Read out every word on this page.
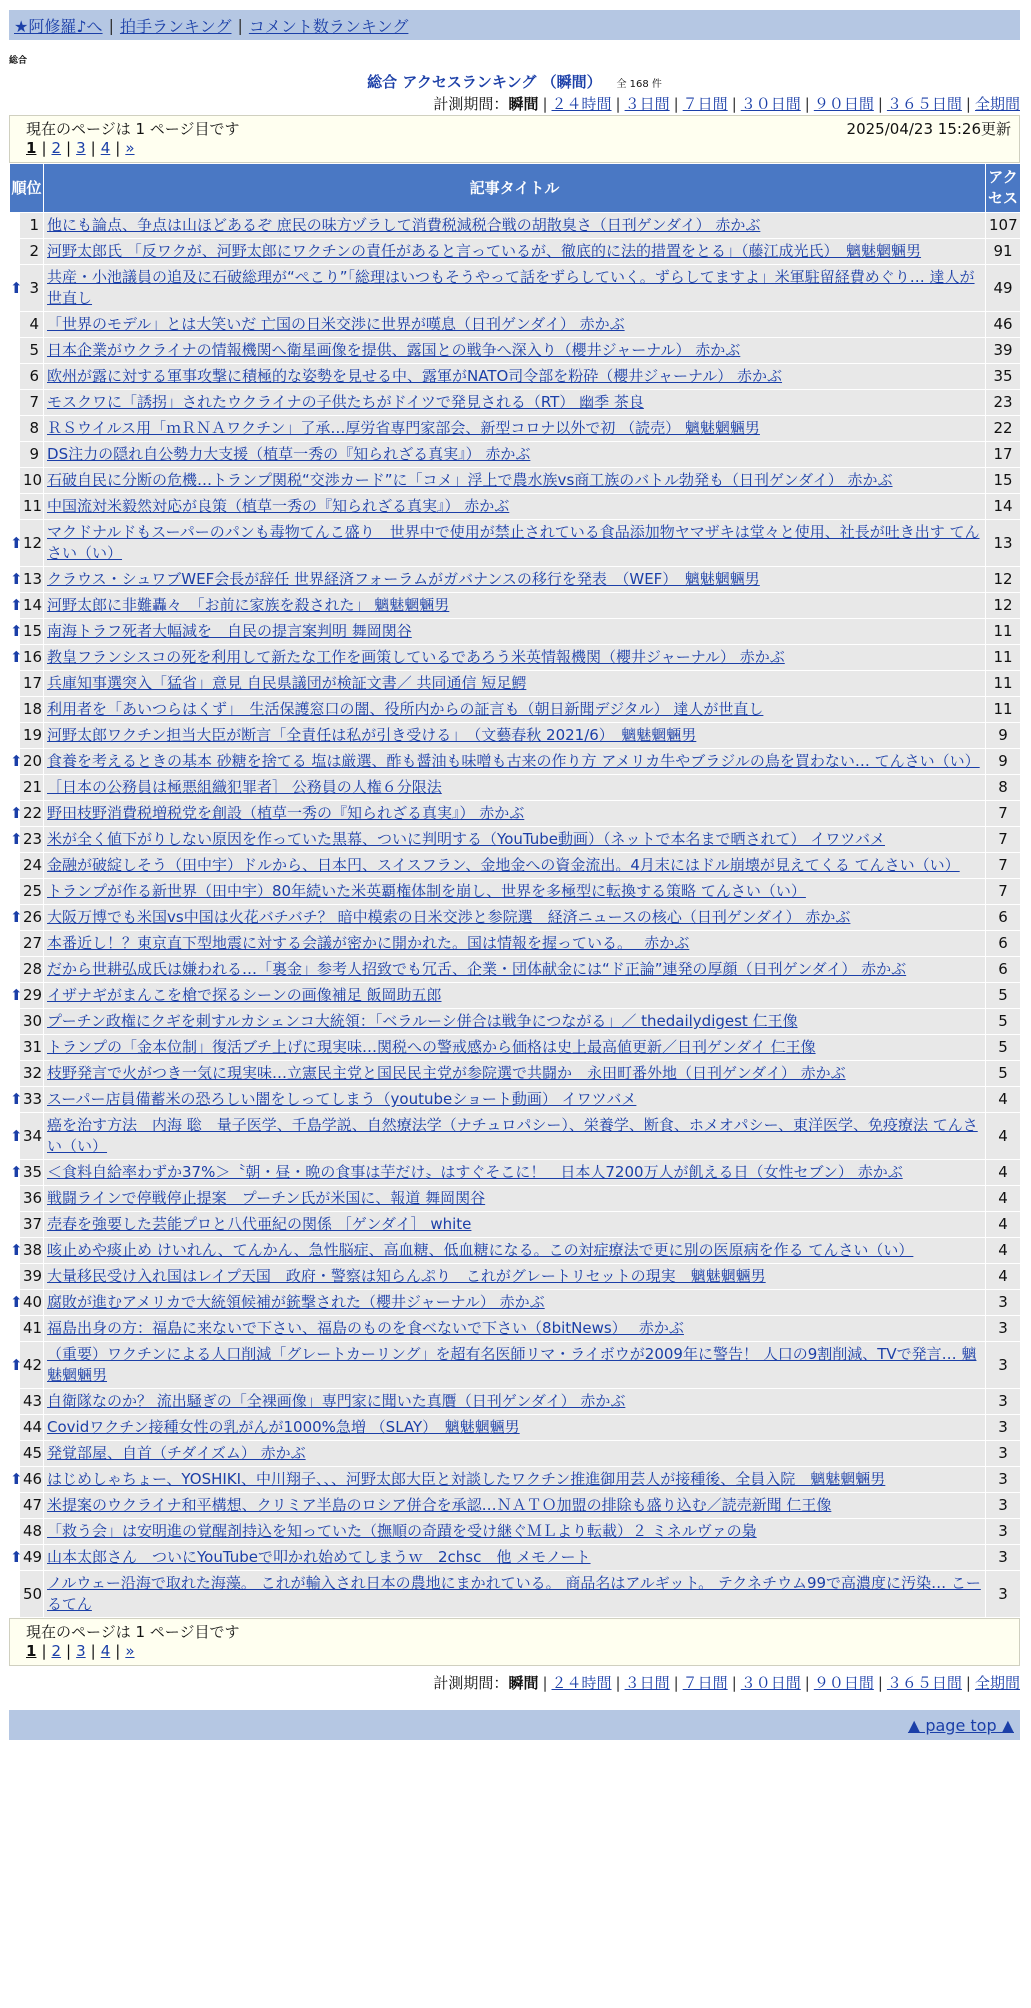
★阿修羅♪へ | 拍手ランキング | コメント数ランキング
総合
総合 アクセスランキング （瞬間） 全 168 件
計測期間：瞬間 | ２４時間 | ３日間 | ７日間 | ３０日間 | ９０日間 | ３６５日間 | 全期間
現在のページは 1 ページ目です	2025/04/23 15:26更新
1 | 2 | 3 | 4 | »
順位		記事タイトル	アクセス
	1	他にも論点、争点は山ほどあるぞ 庶民の味方ヅラして消費税減税合戦の胡散臭さ（日刊ゲンダイ） 赤かぶ	107
	2	河野太郎氏 「反ワクが、河野太郎にワクチンの責任があると言っているが、徹底的に法的措置をとる」（藤江成光氏）　魑魅魍魎男	91
⬆	3	共産・小池議員の追及に石破総理が“ぺこり”「総理はいつもそうやって話をずらしていく。ずらしてますよ」米軍駐留経費めぐり… 達人が世直し	49
	4	「世界のモデル」とは大笑いだ 亡国の日米交渉に世界が嘆息（日刊ゲンダイ） 赤かぶ	46
	5	日本企業がウクライナの情報機関へ衛星画像を提供、露国との戦争へ深入り（櫻井ジャーナル） 赤かぶ	39
	6	欧州が露に対する軍事攻撃に積極的な姿勢を見せる中、露軍がNATO司令部を粉砕（櫻井ジャーナル） 赤かぶ	35
	7	モスクワに「誘拐」されたウクライナの子供たちがドイツで発見される（RT） 幽季 茶良	23
	8	ＲＳウイルス用「ｍＲＮＡワクチン」了承…厚労省専門家部会、新型コロナ以外で初 （読売） 魑魅魍魎男	22
	9	DS注力の隠れ自公勢力大支援（植草一秀の『知られざる真実』） 赤かぶ	17
	10	石破自民に分断の危機…トランプ関税“交渉カード”に「コメ」浮上で農水族vs商工族のバトル勃発も（日刊ゲンダイ） 赤かぶ	15
	11	中国流対米毅然対応が良策（植草一秀の『知られざる真実』） 赤かぶ	14
⬆	12	マクドナルドもスーパーのパンも毒物てんこ盛り　世界中で使用が禁止されている食品添加物ヤマザキは堂々と使用、社長が吐き出す てんさい（い）	13
⬆	13	クラウス・シュワブWEF会長が辞任 世界経済フォーラムがガバナンスの移行を発表　（WEF）　魑魅魍魎男	12
⬆	14	河野太郎に非難轟々　「お前に家族を殺された」 魑魅魍魎男	12
⬆	15	南海トラフ死者大幅減を　自民の提言案判明 舞岡関谷	11
⬆	16	教皇フランシスコの死を利用して新たな工作を画策しているであろう米英情報機関（櫻井ジャーナル） 赤かぶ	11
	17	兵庫知事選突入「猛省」意見 自民県議団が検証文書／ 共同通信 短足鰐	11
	18	利用者を「あいつらはくず」　生活保護窓口の闇、役所内からの証言も（朝日新聞デジタル） 達人が世直し	11
	19	河野太郎ワクチン担当大臣が断言「全責任は私が引き受ける」　（文藝春秋 2021/6）　魑魅魍魎男	9
⬆	20	食養を考えるときの基本 砂糖を捨てる 塩は厳選、酢も醤油も味噌も古来の作り方 アメリカ牛やブラジルの鳥を買わない… てんさい（い）	9
	21	［日本の公務員は極悪組織犯罪者］ 公務員の人権６分限法	8
⬆	22	野田枝野消費税増税党を創設（植草一秀の『知られざる真実』） 赤かぶ	7
⬆	23	米が全く値下がりしない原因を作っていた黒幕、ついに判明する（YouTube動画）（ネットで本名まで晒されて） イワツバメ	7
	24	金融が破綻しそう（田中宇）ドルから、日本円、スイスフラン、金地金への資金流出。4月末にはドル崩壊が見えてくる てんさい（い）	7
	25	トランプが作る新世界（田中宇）80年続いた米英覇権体制を崩し、世界を多極型に転換する策略 てんさい（い）	7
⬆	26	大阪万博でも米国vs中国は火花バチバチ？ 暗中模索の日米交渉と参院選　経済ニュースの核心（日刊ゲンダイ） 赤かぶ	6
	27	本番近し！？東京直下型地震に対する会議が密かに開かれた。国は情報を握っている。　 赤かぶ	6
	28	だから世耕弘成氏は嫌われる…「裏金」参考人招致でも冗舌、企業・団体献金には“ド正論”連発の厚顔（日刊ゲンダイ） 赤かぶ	6
⬆	29	イザナギがまんこを槍で探るシーンの画像補足 飯岡助五郎	5
	30	プーチン政権にクギを刺すルカシェンコ大統領：「ベラルーシ併合は戦争につながる」／ thedailydigest 仁王像	5
	31	トランプの「金本位制」復活ブチ上げに現実味…関税への警戒感から価格は史上最高値更新／日刊ゲンダイ 仁王像	5
	32	枝野発言で火がつき一気に現実味…立憲民主党と国民民主党が参院選で共闘か　永田町番外地（日刊ゲンダイ） 赤かぶ	5
⬆	33	スーパー店員備蓄米の恐ろしい闇をしってしまう（youtubeショート動画） イワツバメ	4
⬆	34	癌を治す方法　内海 聡　量子医学、千島学説、自然療法学（ナチュロパシー）、栄養学、断食、ホメオパシー、東洋医学、免疫療法 てんさい（い）	4
⬆	35	＜食料自給率わずか37%＞〝朝・昼・晩の食事は芋だけ〟はすぐそこに！　日本人7200万人が飢える日（女性セブン） 赤かぶ	4
	36	戦闘ラインで停戦停止提案　プーチン氏が米国に、報道 舞岡関谷	4
	37	売春を強要した芸能プロと八代亜紀の関係 ［ゲンダイ］ white	4
⬆	38	咳止めや痰止め けいれん、てんかん、急性脳症、高血糖、低血糖になる。この対症療法で更に別の医原病を作る てんさい（い）	4
	39	大量移民受け入れ国はレイプ天国　政府・警察は知らんぷり　これがグレートリセットの現実　魑魅魍魎男	4
⬆	40	腐敗が進むアメリカで大統領候補が銃撃された（櫻井ジャーナル） 赤かぶ	3
	41	福島出身の方：福島に来ないで下さい、福島のものを食べないで下さい（8bitNews）　 赤かぶ	3
⬆	42	（重要）ワクチンによる人口削減「グレートカーリング」を超有名医師リマ・ライボウが2009年に警告！ 人口の9割削減、TVで発言… 魑魅魍魎男	3
	43	自衛隊なのか？ 流出騒ぎの「全裸画像」専門家に聞いた真贋（日刊ゲンダイ） 赤かぶ	3
	44	Covidワクチン接種女性の乳がんが1000%急増 （SLAY）　魑魅魍魎男	3
	45	発覚部屋、自首（チダイズム） 赤かぶ	3
⬆	46	はじめしゃちょー、YOSHIKI、中川翔子、、、河野太郎大臣と対談したワクチン推進御用芸人が接種後、全員入院　魑魅魍魎男	3
	47	米提案のウクライナ和平構想、クリミア半島のロシア併合を承認…ＮＡＴＯ加盟の排除も盛り込む／読売新聞 仁王像	3
	48	「救う会」は安明進の覚醒剤持込を知っていた（撫順の奇蹟を受け継ぐＭＬより転載）２ ミネルヴァの梟	3
⬆	49	山本太郎さん　ついにYouTubeで叩かれ始めてしまうｗ　2chsc　他 メモノート	3
	50	ノルウェー沿海で取れた海藻。 これが輸入され日本の農地にまかれている。 商品名はアルギット。 テクネチウム99で高濃度に汚染… こーるてん	3
現在のページは 1 ページ目です
1 | 2 | 3 | 4 | »
計測期間：瞬間 | ２４時間 | ３日間 | ７日間 | ３０日間 | ９０日間 | ３６５日間 | 全期間
▲ page top ▲
